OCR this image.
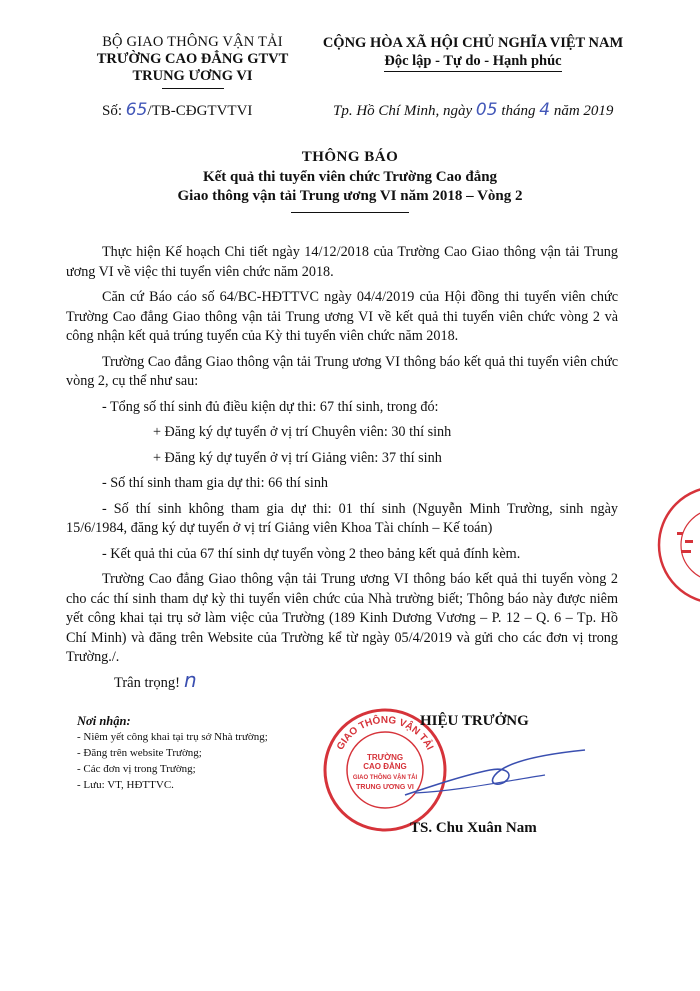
BỘ GIAO THÔNG VẬN TẢI
TRƯỜNG CAO ĐẲNG GTVT
TRUNG ƯƠNG VI
CỘNG HÒA XÃ HỘI CHỦ NGHĨA VIỆT NAM
Độc lập - Tự do - Hạnh phúc
Số: 65/TB-CĐGTVTVI	Tp. Hồ Chí Minh, ngày 05 tháng 4 năm 2019
THÔNG BÁO
Kết quả thi tuyển viên chức Trường Cao đẳng
Giao thông vận tải Trung ương VI năm 2018 – Vòng 2

Thực hiện Kế hoạch Chi tiết ngày 14/12/2018 của Trường Cao Giao thông vận tải Trung ương VI về việc thi tuyển viên chức năm 2018.

Căn cứ Báo cáo số 64/BC-HĐTTVC ngày 04/4/2019 của Hội đồng thi tuyển viên chức Trường Cao đẳng Giao thông vận tải Trung ương VI về kết quả thi tuyển viên chức vòng 2 và công nhận kết quả trúng tuyển của Kỳ thi tuyển viên chức năm 2018.

Trường Cao đẳng Giao thông vận tải Trung ương VI thông báo kết quả thi tuyển viên chức vòng 2, cụ thể như sau:

- Tổng số thí sinh đủ điều kiện dự thi: 67 thí sinh, trong đó:
+ Đăng ký dự tuyển ở vị trí Chuyên viên: 30 thí sinh
+ Đăng ký dự tuyển ở vị trí Giảng viên: 37 thí sinh
- Số thí sinh tham gia dự thi: 66 thí sinh
- Số thí sinh không tham gia dự thi: 01 thí sinh (Nguyễn Minh Trường, sinh ngày 15/6/1984, đăng ký dự tuyển ở vị trí Giảng viên Khoa Tài chính – Kế toán)
- Kết quả thi của 67 thí sinh dự tuyển vòng 2 theo bảng kết quả đính kèm.

Trường Cao đẳng Giao thông vận tải Trung ương VI thông báo kết quả thi tuyển vòng 2 cho các thí sinh tham dự kỳ thi tuyển viên chức của Nhà trường biết; Thông báo này được niêm yết công khai tại trụ sở làm việc của Trường (189 Kinh Dương Vương – P. 12 – Q. 6 – Tp. Hồ Chí Minh) và đăng trên Website của Trường kể từ ngày 05/4/2019 và gửi cho các đơn vị trong Trường./.

Trân trọng! n
Nơi nhận:
- Niêm yết công khai tại trụ sở Nhà trường;
- Đăng trên website Trường;
- Các đơn vị trong Trường;
- Lưu: VT, HĐTTVC.
GIAO THÔNG VẬN TẢI
TRƯỜNG
CAO ĐẲNG
GIAO THÔNG VẬN TẢI
TRUNG ƯƠNG VI
HIỆU TRƯỞNG
TS. Chu Xuân Nam
